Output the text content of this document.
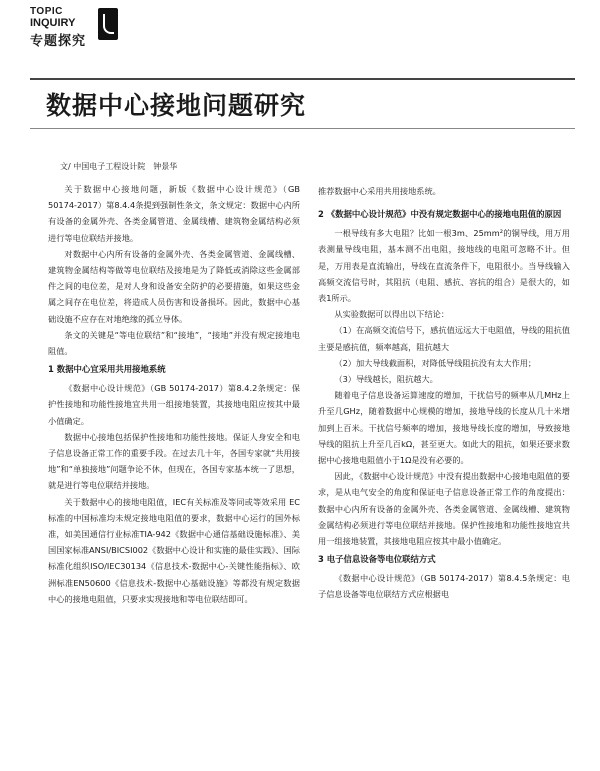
TOPIC
INQUIRY
专题探究
数据中心接地问题研究
文/ 中国电子工程设计院　钟景华

关于数据中心接地问题，新版《数据中心设计规范》（GB 50174-2017）第8.4.4条提到强制性条文，条文规定：数据中心内所有设备的金属外壳、各类金属管道、金属线槽、建筑物金属结构必须进行等电位联结并接地。

对数据中心内所有设备的金属外壳、各类金属管道、金属线槽、建筑物金属结构等做等电位联结及接地是为了降低或消除这些金属部件之间的电位差，是对人身和设备安全防护的必要措施，如果这些金属之间存在电位差，将造成人员伤害和设备损坏。因此，数据中心基础设施不应存在对地绝缘的孤立导体。

条文的关键是“等电位联结”和“接地”，“接地”并没有规定接地电阻值。

1 数据中心宜采用共用接地系统

《数据中心设计规范》（GB 50174-2017）第8.4.2条规定：保护性接地和功能性接地宜共用一组接地装置，其接地电阻应按其中最小值确定。

数据中心接地包括保护性接地和功能性接地。保证人身安全和电子信息设备正常工作的重要手段。在过去几十年，各国专家就“共用接地”和“单独接地”问题争论不休，但现在，各国专家基本统一了思想，就是进行等电位联结并接地。

关于数据中心的接地电阻值，IEC有关标准及等同或等效采用 EC标准的中国标准均未规定接地电阻值的要求，数据中心运行的国外标准，如美国通信行业标准TIA-942《数据中心通信基础设施标准》、美国国家标准ANSI/BICSI002《数据中心设计和实施的最佳实践》、国际标准化组织ISO/IEC30134《信息技术-数据中心-关键性能指标》、欧洲标准EN50600《信息技术-数据中心基础设施》等都没有规定数据中心的接地电阻值，只要求实现接地和等电位联结即可。

推荐数据中心采用共用接地系统。

2 《数据中心设计规范》中没有规定数据中心的接地电阻值的原因

一根导线有多大电阻？比如一根3m、25mm²的铜导线，用万用表测量导线电阻，基本测不出电阻，接地线的电阻可忽略不计。但是，万用表是直流输出，导线在直流条件下，电阻很小。当导线输入高频交流信号时，其阻抗（电阻、感抗、容抗的组合）是很大的，如表1所示。

从实验数据可以得出以下结论：

（1）在高频交流信号下，感抗值远远大于电阻值，导线的阻抗值主要是感抗值，频率越高，阻抗越大

（2）加大导线截面积，对降低导线阻抗没有太大作用；

（3）导线越长，阻抗越大。

随着电子信息设备运算速度的增加，干扰信号的频率从几MHz上升至几GHz，随着数据中心规模的增加，接地导线的长度从几十米增加到上百米。干扰信号频率的增加，接地导线长度的增加，导致接地导线的阻抗上升至几百kΩ，甚至更大。如此大的阻抗，如果还要求数据中心接地电阻值小于1Ω是没有必要的。

因此，《数据中心设计规范》中没有提出数据中心接地电阻值的要求，是从电气安全的角度和保证电子信息设备正常工作的角度提出：数据中心内所有设备的金属外壳、各类金属管道、金属线槽、建筑物金属结构必须进行等电位联结并接地。保护性接地和功能性接地宜共用一组接地装置，其接地电阻应按其中最小值确定。

3 电子信息设备等电位联结方式

《数据中心设计规范》（GB 50174-2017）第8.4.5条规定：电子信息设备等电位联结方式应根据电
